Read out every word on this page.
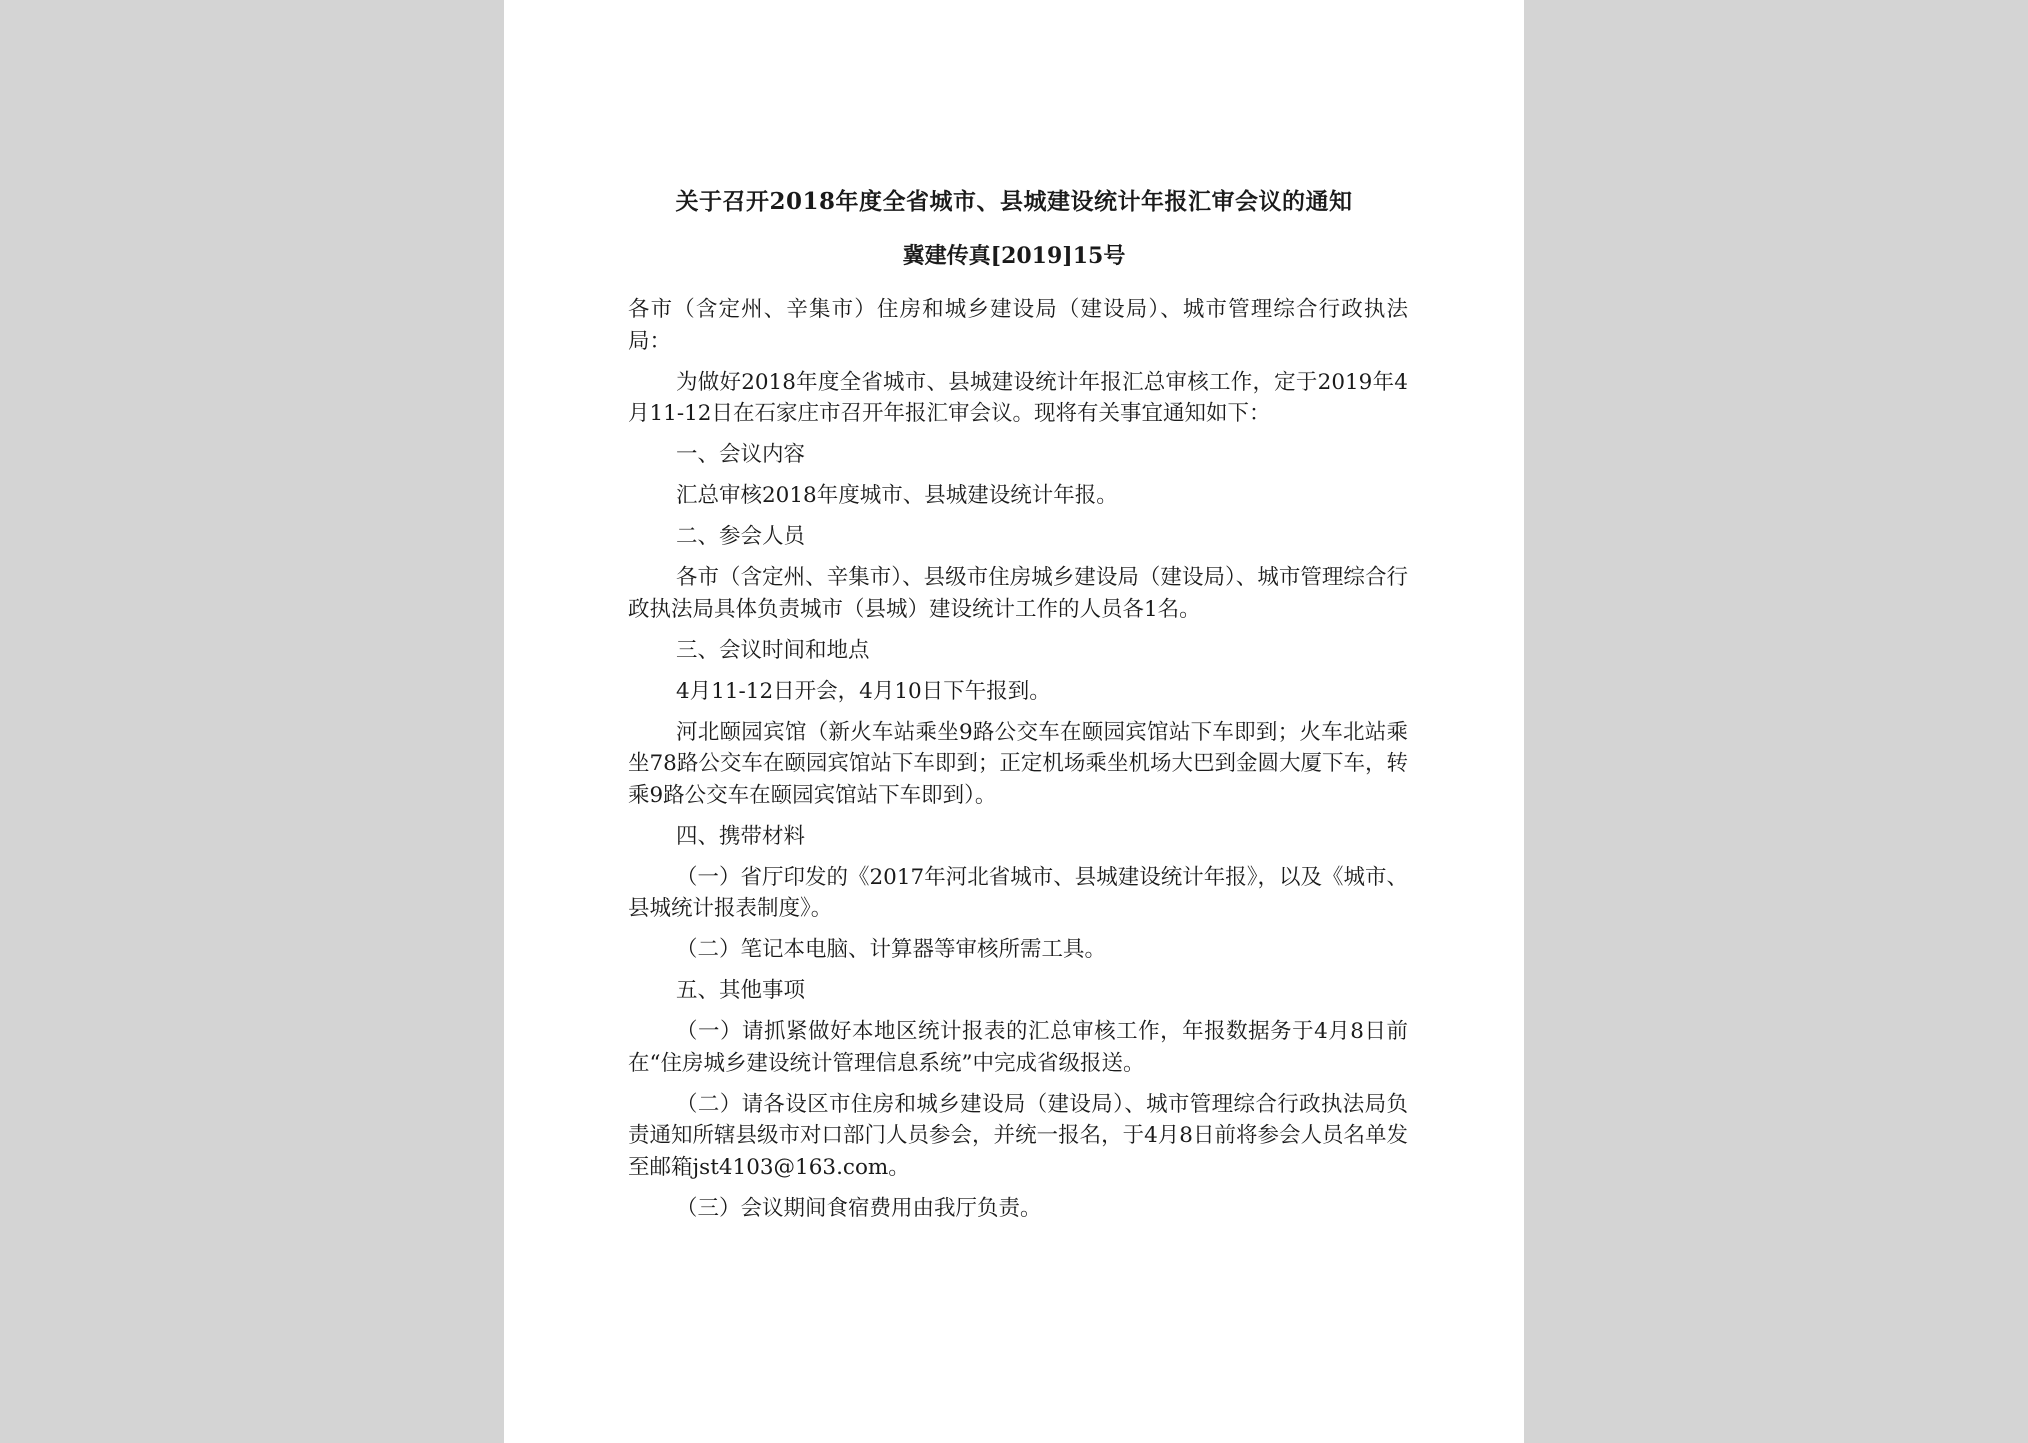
关于召开2018年度全省城市、县城建设统计年报汇审会议的通知
冀建传真[2019]15号

各市（含定州、辛集市）住房和城乡建设局（建设局）、城市管理综合行政执法局：

为做好2018年度全省城市、县城建设统计年报汇总审核工作，定于2019年4月11-12日在石家庄市召开年报汇审会议。现将有关事宜通知如下：

一、会议内容

汇总审核2018年度城市、县城建设统计年报。

二、参会人员

各市（含定州、辛集市）、县级市住房城乡建设局（建设局）、城市管理综合行政执法局具体负责城市（县城）建设统计工作的人员各1名。

三、会议时间和地点

4月11-12日开会，4月10日下午报到。

河北颐园宾馆（新火车站乘坐9路公交车在颐园宾馆站下车即到；火车北站乘坐78路公交车在颐园宾馆站下车即到；正定机场乘坐机场大巴到金圆大厦下车，转乘9路公交车在颐园宾馆站下车即到）。

四、携带材料

（一）省厅印发的《2017年河北省城市、县城建设统计年报》，以及《城市、县城统计报表制度》。

（二）笔记本电脑、计算器等审核所需工具。

五、其他事项

（一）请抓紧做好本地区统计报表的汇总审核工作，年报数据务于4月8日前在“住房城乡建设统计管理信息系统”中完成省级报送。

（二）请各设区市住房和城乡建设局（建设局）、城市管理综合行政执法局负责通知所辖县级市对口部门人员参会，并统一报名，于4月8日前将参会人员名单发至邮箱jst4103@163.com。

（三）会议期间食宿费用由我厅负责。
